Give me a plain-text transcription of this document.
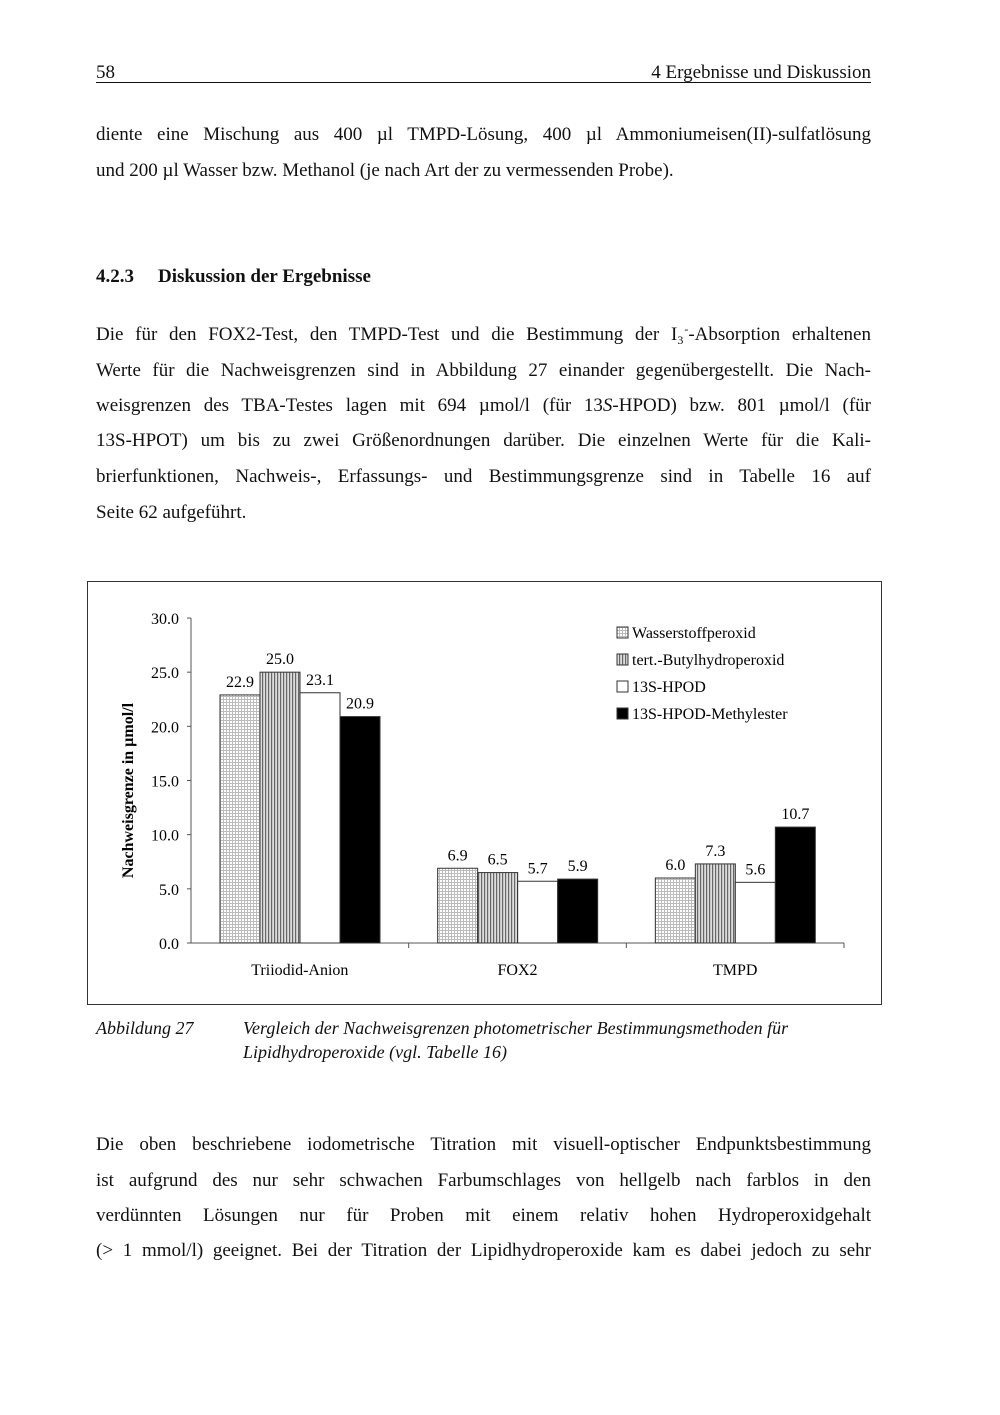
58	4 Ergebnisse und Diskussion
diente eine Mischung aus 400 µl TMPD-Lösung, 400 µl Ammoniumeisen(II)-sulfatlösung
und 200 µl Wasser bzw. Methanol (je nach Art der zu vermessenden Probe).
4.2.3 Diskussion der Ergebnisse
Die für den FOX2-Test, den TMPD-Test und die Bestimmung der $I_3^-$-Absorption erhaltenen
Werte für die Nachweisgrenzen sind in Abbildung 27 einander gegenübergestellt. Die Nach-
weisgrenzen des TBA-Testes lagen mit 694 µmol/l (für 13S-HPOD) bzw. 801 µmol/l (für
13S-HPOT) um bis zu zwei Größenordnungen darüber. Die einzelnen Werte für die Kali-
brierfunktionen, Nachweis-, Erfassungs- und Bestimmungsgrenze sind in Tabelle 16 auf
Seite 62 aufgeführt.
0.0
5.0
10.0
15.0
20.0
25.0
30.0
Triiodid-Anion	FOX2	TMPD
Nachweisgrenze in µmol/l
22.9
6.9
6.0
25.0
6.5
7.3
23.1
5.7	5.6
20.9
5.9
10.7
Wasserstoffperoxid
tert.-Butylhydroperoxid
13S-HPOD
13S-HPOD-Methylester
Abbildung 27	Vergleich der Nachweisgrenzen photometrischer Bestimmungsmethoden für
Lipidhydroperoxide (vgl. Tabelle 16)
Die oben beschriebene iodometrische Titration mit visuell-optischer Endpunktsbestimmung
ist aufgrund des nur sehr schwachen Farbumschlages von hellgelb nach farblos in den
verdünnten Lösungen nur für Proben mit einem relativ hohen Hydroperoxidgehalt
(> 1 mmol/l) geeignet. Bei der Titration der Lipidhydroperoxide kam es dabei jedoch zu sehr
